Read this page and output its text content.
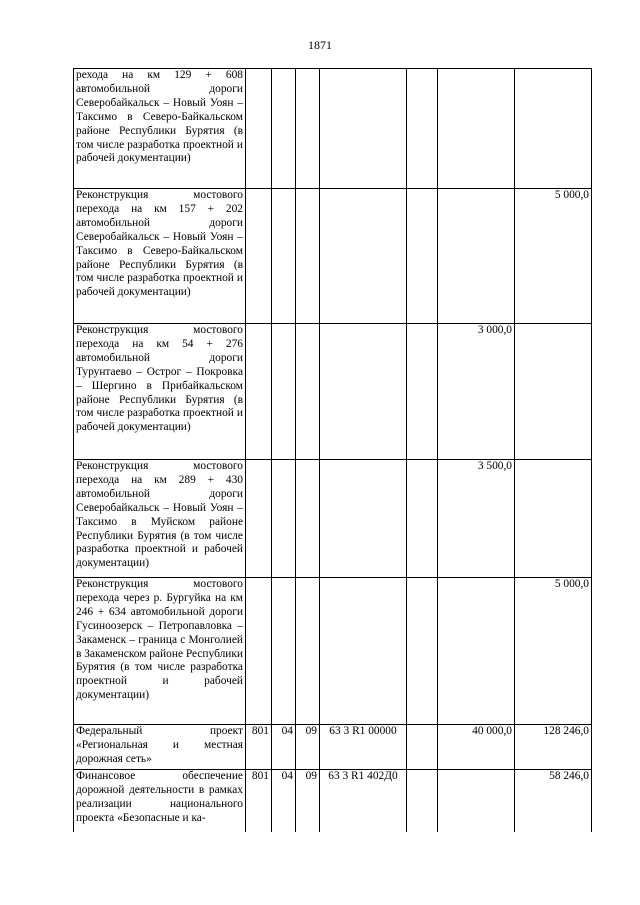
1871
рехода на км 129 + 608 автомобильной дороги Северобайкальск – Новый Уоян – Таксимо в Северо-Байкальском районе Республики Бурятия (в том числе разработка проектной и рабочей документации)							
Реконструкция мостового перехода на км 157 + 202 автомобильной дороги Северобайкальск – Новый Уоян – Таксимо в Северо-Байкальском районе Республики Бурятия (в том числе разработка проектной и рабочей документации)							5 000,0
Реконструкция мостового перехода на км 54 + 276 автомобильной дороги Турунтаево – Острог – Покровка – Шергино в Прибайкальском районе Республики Бурятия (в том числе разработка проектной и рабочей документации)						3 000,0	
Реконструкция мостового перехода на км 289 + 430 автомобильной дороги Северобайкальск – Новый Уоян – Таксимо в Муйском районе Республики Бурятия (в том числе разработка проектной и рабочей документации)						3 500,0	
Реконструкция мостового перехода через р. Бургуйка на км 246 + 634 автомобильной дороги Гусиноозерск – Петропавловка – Закаменск – граница с Монголией в Закаменском районе Республики Бурятия (в том числе разработка проектной и рабочей документации)							5 000,0
Федеральный проект «Региональная и местная дорожная сеть»	801	04	09	63 3 R1 00000		40 000,0	128 246,0
Финансовое обеспечение дорожной деятельности в рамках реализации национального проекта «Безопасные и ка-	801	04	09	63 3 R1 402Д0			58 246,0
